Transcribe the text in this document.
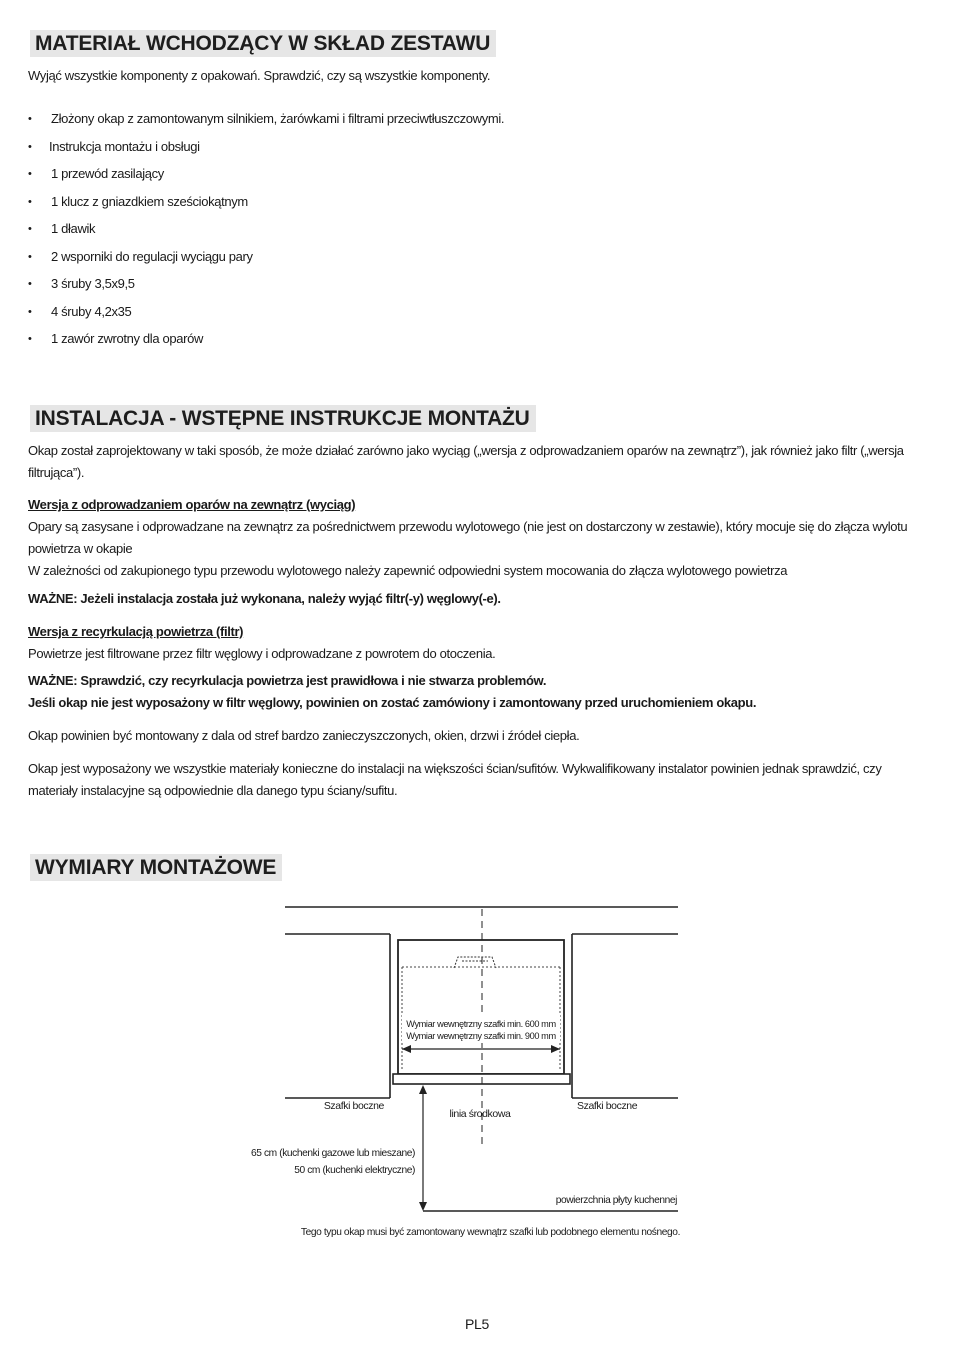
MATERIAŁ WCHODZĄCY W SKŁAD ZESTAWU
Wyjąć wszystkie komponenty z opakowań. Sprawdzić, czy są wszystkie komponenty.
• Złożony okap z zamontowanym silnikiem, żarówkami i filtrami przeciwtłuszczowymi.
• Instrukcja montażu i obsługi
• 1 przewód zasilający
• 1 klucz z gniazdkiem sześciokątnym
• 1 dławik
• 2 wsporniki do regulacji wyciągu pary
• 3 śruby 3,5x9,5
• 4 śruby 4,2x35
• 1 zawór zwrotny dla oparów
INSTALACJA - WSTĘPNE INSTRUKCJE MONTAŻU
Okap został zaprojektowany w taki sposób, że może działać zarówno jako wyciąg („wersja z odprowadzaniem oparów na zewnątrz”), jak również jako filtr („wersja filtrująca”).
Wersja z odprowadzaniem oparów na zewnątrz (wyciąg)
Opary są zasysane i odprowadzane na zewnątrz za pośrednictwem przewodu wylotowego (nie jest on dostarczony w zestawie), który mocuje się do złącza wylotu powietrza w okapie
W zależności od zakupionego typu przewodu wylotowego należy zapewnić odpowiedni system mocowania do złącza wylotowego powietrza
WAŻNE: Jeżeli instalacja została już wykonana, należy wyjąć filtr(-y) węglowy(-e).
Wersja z recyrkulacją powietrza (filtr)
Powietrze jest filtrowane przez filtr węglowy i odprowadzane z powrotem do otoczenia.
WAŻNE: Sprawdzić, czy recyrkulacja powietrza jest prawidłowa i nie stwarza problemów.
Jeśli okap nie jest wyposażony w filtr węglowy, powinien on zostać zamówiony i zamontowany przed uruchomieniem okapu.
Okap powinien być montowany z dala od stref bardzo zanieczyszczonych, okien, drzwi i źródeł ciepła.
Okap jest wyposażony we wszystkie materiały konieczne do instalacji na większości ścian/sufitów. Wykwalifikowany instalator powinien jednak sprawdzić, czy materiały instalacyjne są odpowiednie dla danego typu ściany/sufitu.
WYMIARY MONTAŻOWE
Wymiar wewnętrzny szafki min. 600 mm
Wymiar wewnętrzny szafki min. 900 mm
Szafki boczne	Szafki boczne
linia środkowa
65 cm (kuchenki gazowe lub mieszane)
50 cm (kuchenki elektryczne)
powierzchnia płyty kuchennej
Tego typu okap musi być zamontowany wewnątrz szafki lub podobnego elementu nośnego.
PL5
